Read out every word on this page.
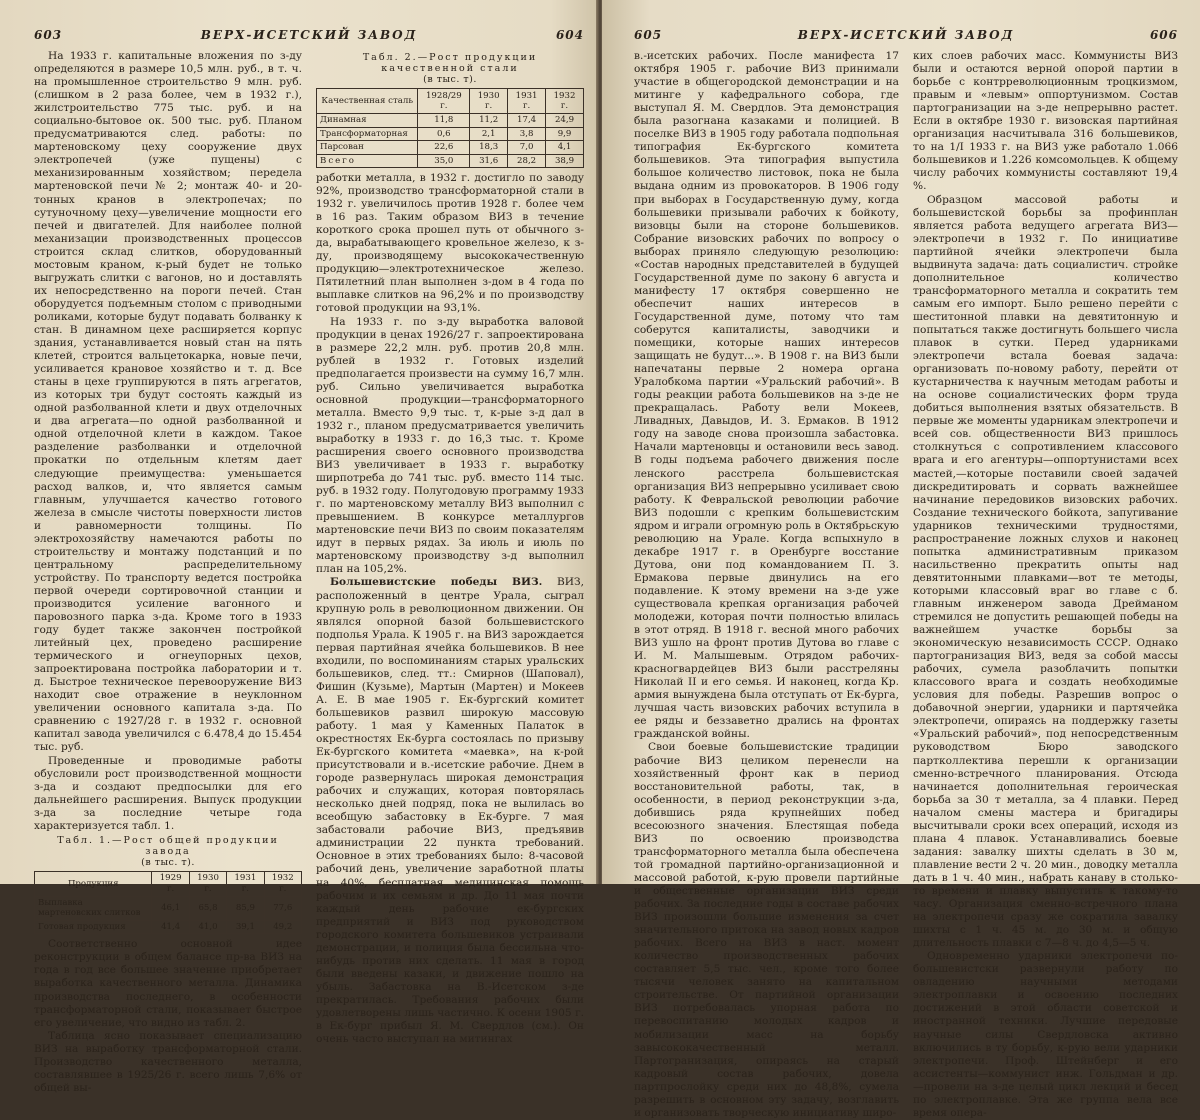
603	ВЕРХ-ИСЕТСКИЙ ЗАВОД	604

На 1933 г. капитальные вложения по з-ду определяются в размере 10,5 млн. руб., в т. ч. на промышленное строительство 9 млн. руб. (слишком в 2 раза более, чем в 1932 г.), жилстроительство 775 тыс. руб. и на социально-бытовое ок. 500 тыс. руб. Планом предусматриваются след. работы: по мартеновскому цеху сооружение двух электропечей (уже пущены) с механизированным хозяйством; передела мартеновской печи № 2; монтаж 40- и 20-тонных кранов в электропечах; по сутуночному цеху—увеличение мощности его печей и двигателей. Для наиболее полной механизации производственных процессов строится склад слитков, оборудованный мостовым краном, к-рый будет не только выгружать слитки с вагонов, но и доставлять их непосредственно на пороги печей. Стан оборудуется подъемным столом с приводными роликами, которые будут подавать болванку к стан. В динамном цехе расширяется корпус здания, устанавливается новый стан на пять клетей, строится вальцетокарка, новые печи, усиливается крановое хозяйство и т. д. Все станы в цехе группируются в пять агрегатов, из которых три будут состоять каждый из одной разболванной клети и двух отделочных и два агрегата—по одной разболванной и одной отделочной клети в каждом. Такое разделение разболванки и отделочной прокатки по отдельным клетям дает следующие преимущества: уменьшается расход валков, и, что является самым главным, улучшается качество готового железа в смысле чистоты поверхности листов и равномерности толщины. По электрохозяйству намечаются работы по строительству и монтажу подстанций и по центральному распределительному устройству. По транспорту ведется постройка первой очереди сортировочной станции и производится усиление вагонного и паровозного парка з-да. Кроме того в 1933 году будет также закончен постройкой литейный цех, проведено расширение термического и огнеупорных цехов, запроектирована постройка лаборатории и т. д. Быстрое техническое перевооружение ВИЗ находит свое отражение в неуклонном увеличении основного капитала з-да. По сравнению с 1927/28 г. в 1932 г. основной капитал завода увеличился с 6.478,4 до 15.454 тыс. руб.

Проведенные и проводимые работы обусловили рост производственной мощности з-да и создают предпосылки для его дальнейшего расширения. Выпуск продукции з-да за последние четыре года характеризуется табл. 1.

Табл. 1.—Рост общей продукции завода
(в тыс. т).
Продукция	1929 г.	1930 г.	1931 г.	1932 г.
Выплавка мартеновских слитков	46,1	65,8	85,9	77,6
Готовая продукция	41,4	41,0	39,1	49,2

Соответственно основной идее реконструкции в общем балансе пр-ва ВИЗ на года в год все большее значение приобретает выработка качественного металла. Динамика производства последнего, в особенности трансформаторной стали, показывает быстрое его увеличение, что видно из табл. 2.

Таблица ясно показывает специализацию ВИЗ на выработку трансформаторной стали. Производство качественного металла, составлявшее в 1925/26 г. всего лишь 7,6% от общей вы-

Табл. 2.—Рост продукции качественной стали
(в тыс. т).
Качественная сталь	1928/29 г.	1930 г.	1931 г.	1932 г.
Динамная	11,8	11,2	17,4	24,9
Трансформаторная	0,6	2,1	3,8	9,9
Парсован	22,6	18,3	7,0	4,1
Всего	35,0	31,6	28,2	38,9

работки металла, в 1932 г. достигло по заводу 92%, производство трансформаторной стали в 1932 г. увеличилось против 1928 г. более чем в 16 раз. Таким образом ВИЗ в течение короткого срока прошел путь от обычного з-да, вырабатывающего кровельное железо, к з-ду, производящему высококачественную продукцию—электротехническое железо. Пятилетний план выполнен з-дом в 4 года по выплавке слитков на 96,2% и по производству готовой продукции на 93,1%.

На 1933 г. по з-ду выработка валовой продукции в ценах 1926/27 г. запроектирована в размере 22,2 млн. руб. против 20,8 млн. рублей в 1932 г. Готовых изделий предполагается произвести на сумму 16,7 млн. руб. Сильно увеличивается выработка основной продукции—трансформаторного металла. Вместо 9,9 тыс. т, к-рые з-д дал в 1932 г., планом предусматривается увеличить выработку в 1933 г. до 16,3 тыс. т. Кроме расширения своего основного производства ВИЗ увеличивает в 1933 г. выработку ширпотреба до 741 тыс. руб. вместо 114 тыс. руб. в 1932 году. Полугодовую программу 1933 г. по мартеновскому металлу ВИЗ выполнил с превышением. В конкурсе металлургов мартеновские печи ВИЗ по своим показателям идут в первых рядах. За июль и июль по мартеновскому производству з-д выполнил план на 105,2%.

Большевистские победы ВИЗ. ВИЗ, расположенный в центре Урала, сыграл крупную роль в революционном движении. Он являлся опорной базой большевистского подполья Урала. К 1905 г. на ВИЗ зарождается первая партийная ячейка большевиков. В нее входили, по воспоминаниям старых уральских большевиков, след. тт.: Смирнов (Шаповал), Фишин (Кузьме), Мартын (Мартен) и Мокеев А. Е. В мае 1905 г. Ек-бургский комитет большевиков развил широкую массовую работу. 1 мая у Каменных Палаток в окрестностях Ек-бурга состоялась по призыву Ек-бургского комитета «маевка», на к-рой присутствовали и в.-исетские рабочие. Днем в городе развернулась широкая демонстрация рабочих и служащих, которая повторялась несколько дней подряд, пока не вылилась во всеобщую забастовку в Ек-бурге. 7 мая забастовали рабочие ВИЗ, предъявив администрации 22 пункта требований. Основное в этих требованиях было: 8-часовой рабочий день, увеличение заработной платы на 40%, бесплатная медицинская помощь рабочим и их семьям и др. До 11 мая почти каждый день рабочие ек-бургских предприятий и ВИЗ под руководством городского комитета большевиков устраивали демонстрации, и полиция была бессильна что-нибудь против них сделать. 11 мая в город были введены казаки, и движение пошло на убыль. Забастовка на В.-Исетском з-де прекратилась. Требования рабочих были удовлетворены лишь частично. К осени 1905 г. в Ек-бург прибыл Я. М. Свердлов (см.). Он очень часто выступал на митингах

605	ВЕРХ-ИСЕТСКИЙ ЗАВОД	606

в.-исетских рабочих. После манифеста 17 октября 1905 г. рабочие ВИЗ принимали участие в общегородской демонстрации и на митинге у кафедрального собора, где выступал Я. М. Свердлов. Эта демонстрация была разогнана казаками и полицией. В поселке ВИЗ в 1905 году работала подпольная типография Ек-бургского комитета большевиков. Эта типография выпустила большое количество листовок, пока не была выдана одним из провокаторов. В 1906 году при выборах в Государственную думу, когда большевики призывали рабочих к бойкоту, визовцы были на стороне большевиков. Собрание визовских рабочих по вопросу о выборах приняло следующую резолюцию: «Состав народных представителей в будущей Государственной думе по закону 6 августа и манифесту 17 октября совершенно не обеспечит наших интересов в Государственной думе, потому что там соберутся капиталисты, заводчики и помещики, которые наших интересов защищать не будут...». В 1908 г. на ВИЗ были напечатаны первые 2 номера органа Уралобкома партии «Уральский рабочий». В годы реакции работа большевиков на з-де не прекращалась. Работу вели Мокеев, Ливадных, Давыдов, И. З. Ермаков. В 1912 году на заводе снова произошла забастовка. Начали мартеновцы и остановили весь завод. В годы подъема рабочего движения после ленского расстрела большевистская организация ВИЗ непрерывно усиливает свою работу. К Февральской революции рабочие ВИЗ подошли с крепким большевистским ядром и играли огромную роль в Октябрьскую революцию на Урале. Когда вспыхнуло в декабре 1917 г. в Оренбурге восстание Дутова, они под командованием П. З. Ермакова первые двинулись на его подавление. К этому времени на з-де уже существовала крепкая организация рабочей молодежи, которая почти полностью влилась в этот отряд. В 1918 г. весной много рабочих ВИЗ ушло на фронт против Дутова во главе с И. М. Малышевым. Отрядом рабочих-красногвардейцев ВИЗ были расстреляны Николай II и его семья. И наконец, когда Кр. армия вынуждена была отступать от Ек-бурга, лучшая часть визовских рабочих вступила в ее ряды и беззаветно дрались на фронтах гражданской войны.

Свои боевые большевистские традиции рабочие ВИЗ целиком перенесли на хозяйственный фронт как в период восстановительной работы, так, в особенности, в период реконструкции з-да, добившись ряда крупнейших побед всесоюзного значения. Блестящая победа ВИЗ по освоению производства трансформаторного металла была обеспечена той громадной партийно-организационной и массовой работой, к-рую провели партийные и общественные организации ВИЗ среди рабочих. За последние годы в составе рабочих ВИЗ произошли большие изменения за счет значительного притока на завод новых кадров рабочих. Всего на ВИЗ в наст. момент количество производственных рабочих составляет 5,5 тыс. чел., кроме того более тысячи человек занято на капитальном строительстве. От партийной организации ВИЗ потребовалась упорная работа по перевоспитанию молодых кадров и мобилизации масс на борьбу завысококачественный металл. Партогранизация, опираясь на старый кадровый состав рабочих, довела партпрослойку среди них до 48,8%, сумела разрешить в основном эту задачу, возглавить и организовать творческую инициативу широ-

ких слоев рабочих масс. Коммунисты ВИЗ были и остаются верной опорой партии в борьбе с контрреволюционным троцкизмом, правым и «левым» оппортунизмом. Состав партогранизации на з-де непрерывно растет. Если в октябре 1930 г. визовская партийная организация насчитывала 316 большевиков, то на 1/I 1933 г. на ВИЗ уже работало 1.066 большевиков и 1.226 комсомольцев. К общему числу рабочих коммунисты составляют 19,4 %.

Образцом массовой работы и большевистской борьбы за профинплан является работа ведущего агрегата ВИЗ—электропечи в 1932 г. По инициативе партийной ячейки электропечи была выдвинута задача: дать социалистич. стройке дополнительное количество трансформаторного металла и сократить тем самым его импорт. Было решено перейти с шеститонной плавки на девятитонную и попытаться также достигнуть большего числа плавок в сутки. Перед ударниками электропечи встала боевая задача: организовать по-новому работу, перейти от кустарничества к научным методам работы и на основе социалистических форм труда добиться выполнения взятых обязательств. В первые же моменты ударникам электропечи и всей сов. общественности ВИЗ пришлось столкнуться с сопротивлением классового врага и его агентуры—оппортунистами всех мастей,—которые поставили своей задачей дискредитировать и сорвать важнейшее начинание передовиков визовских рабочих. Создание технического бойкота, запугивание ударников техническими трудностями, распространение ложных слухов и наконец попытка административным приказом насильственно прекратить опыты над девятитонными плавками—вот те методы, которыми классовый враг во главе с б. главным инженером завода Дрейманом стремился не допустить решающей победы на важнейшем участке борьбы за экономическую независимость СССР. Однако партогранизация ВИЗ, ведя за собой массы рабочих, сумела разоблачить попытки классового врага и создать необходимые условия для победы. Разрешив вопрос о добавочной энергии, ударники и партячейка электропечи, опираясь на поддержку газеты «Уральский рабочий», под непосредственным руководством Бюро заводского партколлектива перешли к организации сменно-встречного планирования. Отсюда начинается дополнительная героическая борьба за 30 т металла, за 4 плавки. Перед началом смены мастера и бригадиры высчитывали сроки всех операций, исходя из плана 4 плавок. Устанавливались боевые задания: завалку шихты сделать в 30 м, плавление вести 2 ч. 20 мин., доводку металла дать в 1 ч. 40 мин., набрать канаву в столько-то времени и плавку выпустить к такому-то часу. Организация сменно-встречного плана на электропечи сразу же сократила завалку шихты с 1 ч. 45 м. до 30 м. и общую длительность плавки с 7—8 ч. до 4,5—5 ч.

Одновременно ударники электропечи по-большевистски развернули работу по овладению научными методами электроплавки и освоению последних достижений в этой области советской и иностранной техники. Лучшие передовые научные силы Свердловска активно включились в ту борьбу, к-рую вели ударники электропечи. Проф. Штейнберг и его ассистенты—коммунист инж. Гольдман и др.—провели на з-де целый цикл лекций и бесед по электроплавке. Эта же группа вела все время опера-
